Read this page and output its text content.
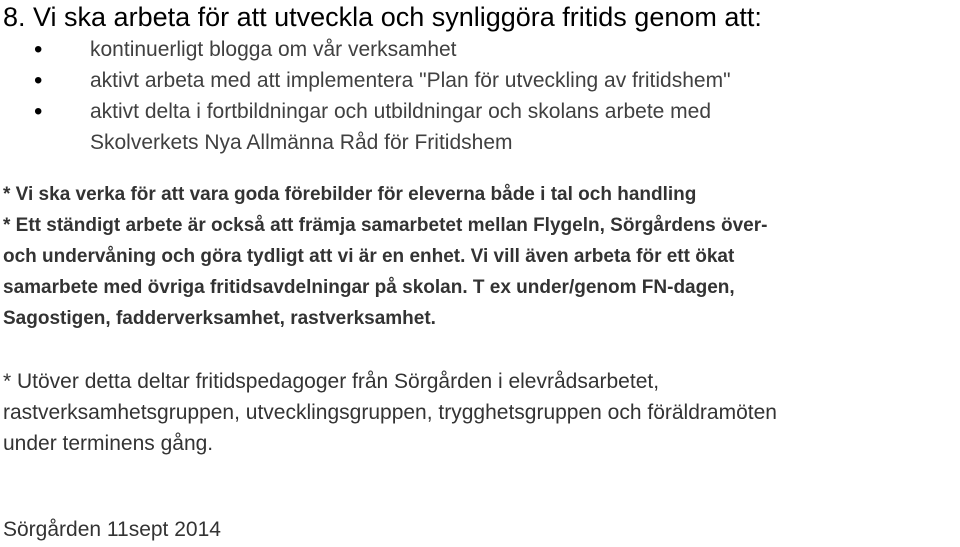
8. Vi ska arbeta för att utveckla och synliggöra fritids genom att:
• kontinuerligt blogga om vår verksamhet
• aktivt arbeta med att implementera "Plan för utveckling av fritidshem"
• aktivt delta i fortbildningar och utbildningar och skolans arbete med
Skolverkets Nya Allmänna Råd för Fritidshem
* Vi ska verka för att vara goda förebilder för eleverna både i tal och handling
* Ett ständigt arbete är också att främja samarbetet mellan Flygeln, Sörgårdens över-
och undervåning och göra tydligt att vi är en enhet. Vi vill även arbeta för ett ökat
samarbete med övriga fritidsavdelningar på skolan. T ex under/genom FN-dagen,
Sagostigen, fadderverksamhet, rastverksamhet.
* Utöver detta deltar fritidspedagoger från Sörgården i elevrådsarbetet,
rastverksamhetsgruppen, utvecklingsgruppen, trygghetsgruppen och föräldramöten
under terminens gång.
Sörgården 11sept 2014
